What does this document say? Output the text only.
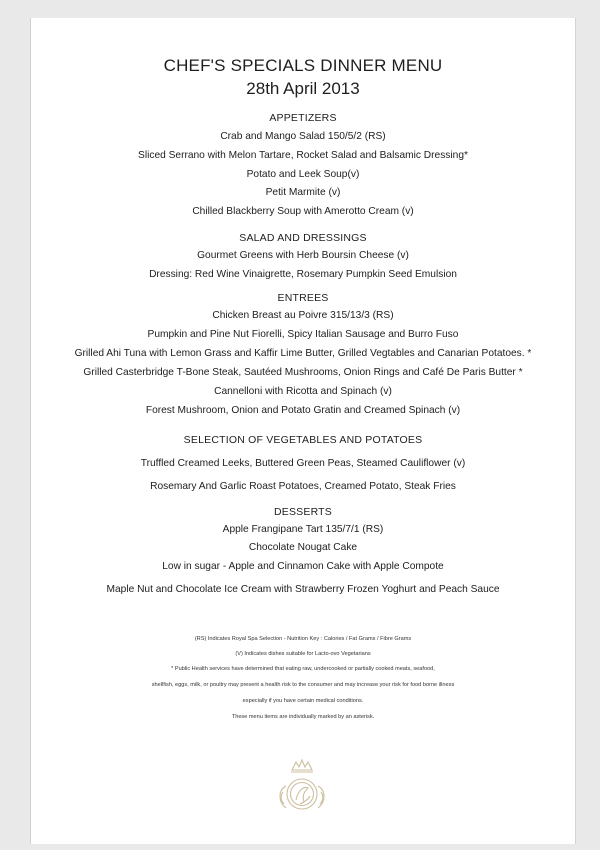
CHEF'S SPECIALS DINNER MENU
28th April 2013
APPETIZERS
Crab and Mango Salad 150/5/2 (RS)
Sliced Serrano with Melon Tartare, Rocket Salad and Balsamic Dressing*
Potato and Leek Soup(v)
Petit Marmite (v)
Chilled Blackberry Soup with Amerotto Cream (v)
SALAD AND DRESSINGS
Gourmet Greens with Herb Boursin Cheese (v)
Dressing: Red Wine Vinaigrette, Rosemary Pumpkin Seed Emulsion
ENTREES
Chicken Breast au Poivre 315/13/3 (RS)
Pumpkin and Pine Nut Fiorelli, Spicy Italian Sausage and Burro Fuso
Grilled Ahi Tuna with Lemon Grass and Kaffir Lime Butter, Grilled Vegtables and Canarian Potatoes. *
Grilled Casterbridge T-Bone Steak, Sautéed Mushrooms, Onion Rings and Café De Paris Butter *
Cannelloni with Ricotta and Spinach (v)
Forest Mushroom, Onion and Potato Gratin and Creamed Spinach (v)
SELECTION OF VEGETABLES AND POTATOES
Truffled Creamed Leeks, Buttered Green Peas, Steamed Cauliflower (v)
Rosemary And Garlic Roast Potatoes, Creamed Potato, Steak Fries
DESSERTS
Apple Frangipane Tart 135/7/1 (RS)
Chocolate Nougat Cake
Low in sugar - Apple and Cinnamon Cake with Apple Compote
Maple Nut and Chocolate Ice Cream with Strawberry Frozen Yoghurt and Peach Sauce
(RS) Indicates Royal Spa Selection - Nutrition Key : Calories / Fat Grams / Fibre Grams
(V) Indicates dishes suitable for Lacto-ovo Vegetarians
* Public Health services have determined that eating raw, undercooked or partially cooked meats, seafood,
shellfish, eggs, milk, or poultry may present a health risk to the consumer and may increase your risk for food borne illness
especially if you have certain medical conditions.
These menu items are individually marked by an asterisk.
